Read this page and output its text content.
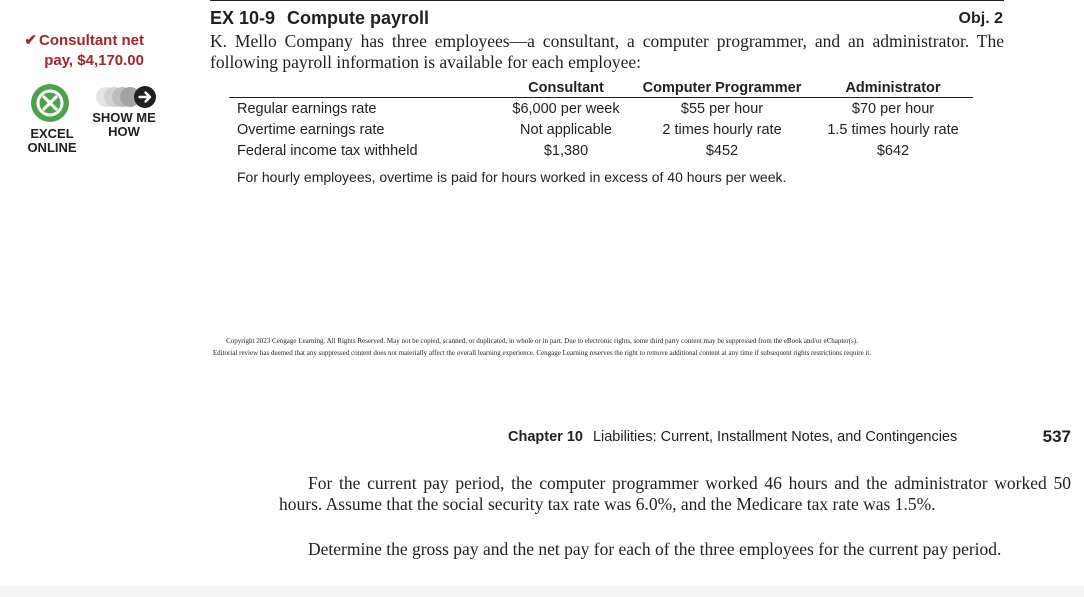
EX 10-9 Compute payroll	Obj. 2
✔ Consultant net pay, $4,170.00
K. Mello Company has three employees—a consultant, a computer programmer, and an administrator. The following payroll information is available for each employee:
EXCEL ONLINE
SHOW ME HOW
	Consultant	Computer Programmer	Administrator
Regular earnings rate	$6,000 per week	$55 per hour	$70 per hour
Overtime earnings rate	Not applicable	2 times hourly rate	1.5 times hourly rate
Federal income tax withheld	$1,380	$452	$642
For hourly employees, overtime is paid for hours worked in excess of 40 hours per week.
Copyright 2023 Cengage Learning. All Rights Reserved. May not be copied, scanned, or duplicated, in whole or in part. Due to electronic rights, some third party content may be suppressed from the eBook and/or eChapter(s).
Editorial review has deemed that any suppressed content does not materially affect the overall learning experience. Cengage Learning reserves the right to remove additional content at any time if subsequent rights restrictions require it.
Chapter 10 Liabilities: Current, Installment Notes, and Contingencies	537
For the current pay period, the computer programmer worked 46 hours and the administrator worked 50 hours. Assume that the social security tax rate was 6.0%, and the Medicare tax rate was 1.5%.
Determine the gross pay and the net pay for each of the three employees for the current pay period.
